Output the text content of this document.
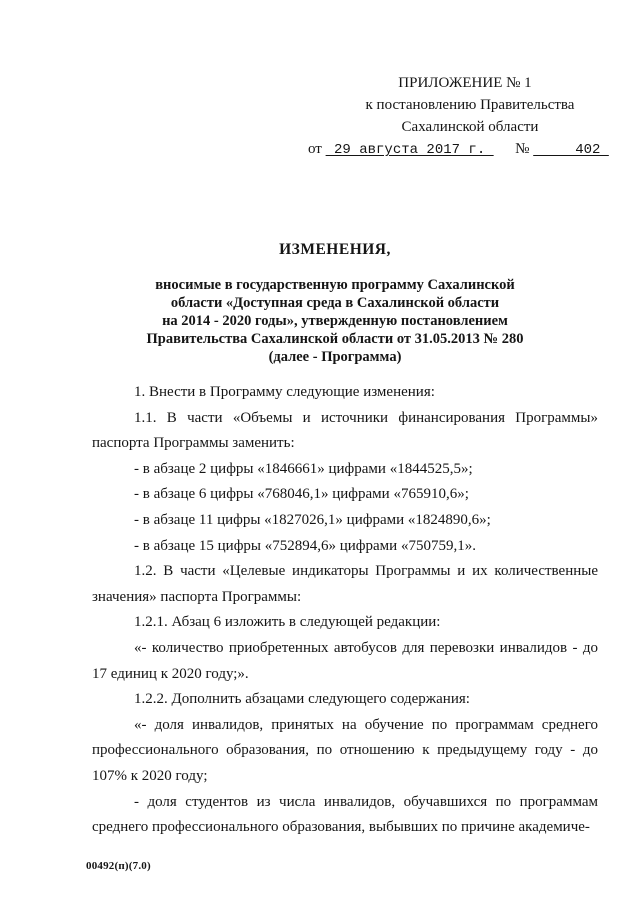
ПРИЛОЖЕНИЕ № 1
к постановлению Правительства
Сахалинской области
от  29 августа 2017 г.   №      402
ИЗМЕНЕНИЯ,
вносимые в государственную программу Сахалинской
области «Доступная среда в Сахалинской области
на 2014 - 2020 годы», утвержденную постановлением
Правительства Сахалинской области от 31.05.2013 № 280
(далее - Программа)

1. Внести в Программу следующие изменения:

1.1. В части «Объемы и источники финансирования Программы» паспорта Программы заменить:

- в абзаце 2 цифры «1846661» цифрами «1844525,5»;

- в абзаце 6 цифры «768046,1» цифрами «765910,6»;

- в абзаце 11 цифры «1827026,1» цифрами «1824890,6»;

- в абзаце 15 цифры «752894,6» цифрами «750759,1».

1.2. В части «Целевые индикаторы Программы и их количественные значения» паспорта Программы:

1.2.1. Абзац 6 изложить в следующей редакции:

«- количество приобретенных автобусов для перевозки инвалидов - до 17 единиц к 2020 году;».

1.2.2. Дополнить абзацами следующего содержания:

«- доля инвалидов, принятых на обучение по программам среднего профессионального образования, по отношению к предыдущему году - до 107% к 2020 году;

- доля студентов из числа инвалидов, обучавшихся по программам среднего профессионального образования, выбывших по причине академиче-

00492(п)(7.0)
